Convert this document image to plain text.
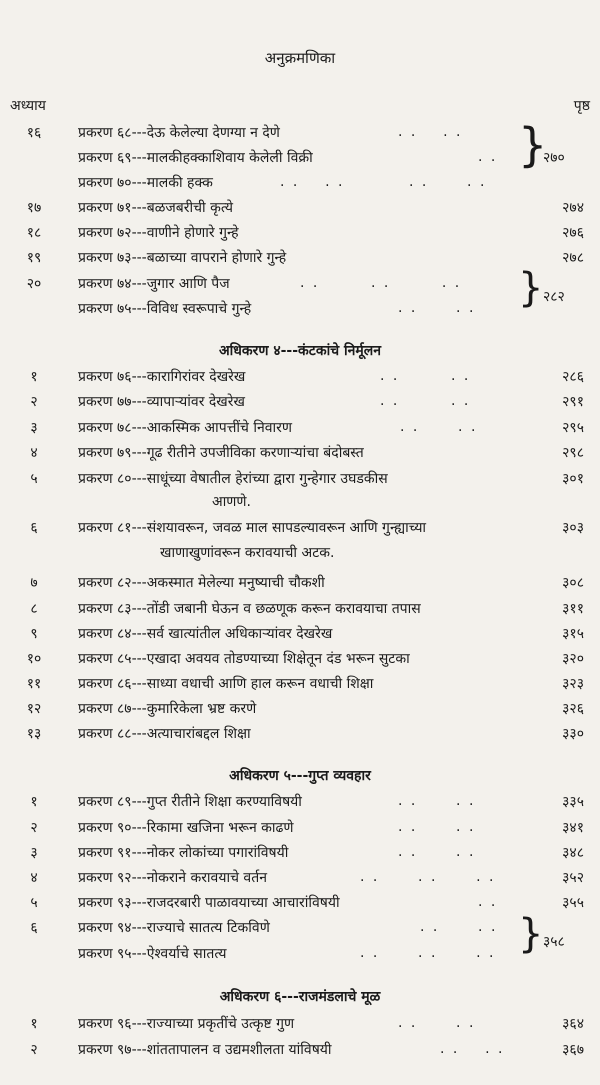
अनुक्रमणिका
अध्याय	पृष्ठ
१६	प्रकरण ६८---देऊ केलेल्या देणग्या न देणे	. .    . .
प्रकरण ६९---मालकीहक्काशिवाय केलेली विक्री	. .
प्रकरण ७०---मालकी हक्क	. .    . .          . .      . .
}
२७०
१७	प्रकरण ७१---बळजबरीची कृत्ये	२७४
१८	प्रकरण ७२---वाणीने होणारे गुन्हे	२७६
१९	प्रकरण ७३---बळाच्या वापराने होणारे गुन्हे	२७८
२०	प्रकरण ७४---जुगार आणि पैज	. .        . .        . .
प्रकरण ७५---विविध स्वरूपाचे गुन्हे	. .      . . } २८२
अधिकरण ४---कंटकांचे निर्मूलन
१	प्रकरण ७६---कारागिरांवर देखरेख	२८६
. .        . .
२	प्रकरण ७७---व्यापाऱ्यांवर देखरेख	२९१
. .        . .
३	प्रकरण ७८---आकस्मिक आपत्तींचे निवारण	२९५
. .      . .
४	प्रकरण ७९---गूढ रीतीने उपजीविका करणाऱ्यांचा बंदोबस्त	२९८
५	प्रकरण ८०---साधूंच्या वेषातील हेरांच्या द्वारा गुन्हेगार उघडकीस	३०१
आणणे.
६	प्रकरण ८१---संशयावरून, जवळ माल सापडल्यावरून आणि गुन्ह्याच्या	३०३
खाणाखुणांवरून करावयाची अटक.
७	प्रकरण ८२---अकस्मात मेलेल्या मनुष्याची चौकशी	३०८
८	प्रकरण ८३---तोंडी जबानी घेऊन व छळणूक करून करावयाचा तपास	३११
९	प्रकरण ८४---सर्व खात्यांतील अधिकाऱ्यांवर देखरेख	३१५
१०	प्रकरण ८५---एखादा अवयव तोडण्याच्या शिक्षेतून दंड भरून सुटका	३२०
११	प्रकरण ८६---साध्या वधाची आणि हाल करून वधाची शिक्षा	३२३
१२	प्रकरण ८७---कुमारिकेला भ्रष्ट करणे	३२६
१३	प्रकरण ८८---अत्याचारांबद्दल शिक्षा	३३०
अधिकरण ५---गुप्त व्यवहार
१	प्रकरण ८९---गुप्त रीतीने शिक्षा करण्याविषयी	३३५
. .      . .
२	प्रकरण ९०---रिकामा खजिना भरून काढणे	३४१
. .      . .
३	प्रकरण ९१---नोकर लोकांच्या पगारांविषयी	३४८
. .      . .
४	प्रकरण ९२---नोकराने करावयाचे वर्तन	३५२
. .      . .      . .
५	प्रकरण ९३---राजदरबारी पाळावयाच्या आचारांविषयी	३५५
. .
६	प्रकरण ९४---राज्याचे सातत्य टिकविणे	. .      . .
प्रकरण ९५---ऐश्वर्याचे सातत्य	. .      . .      . . } ३५८
अधिकरण ६---राजमंडलाचे मूळ
१	प्रकरण ९६---राज्याच्या प्रकृतींचे उत्कृष्ट गुण	३६४
. .      . .
२	प्रकरण ९७---शांततापालन व उद्यमशीलता यांविषयी	३६७
. .    . .
